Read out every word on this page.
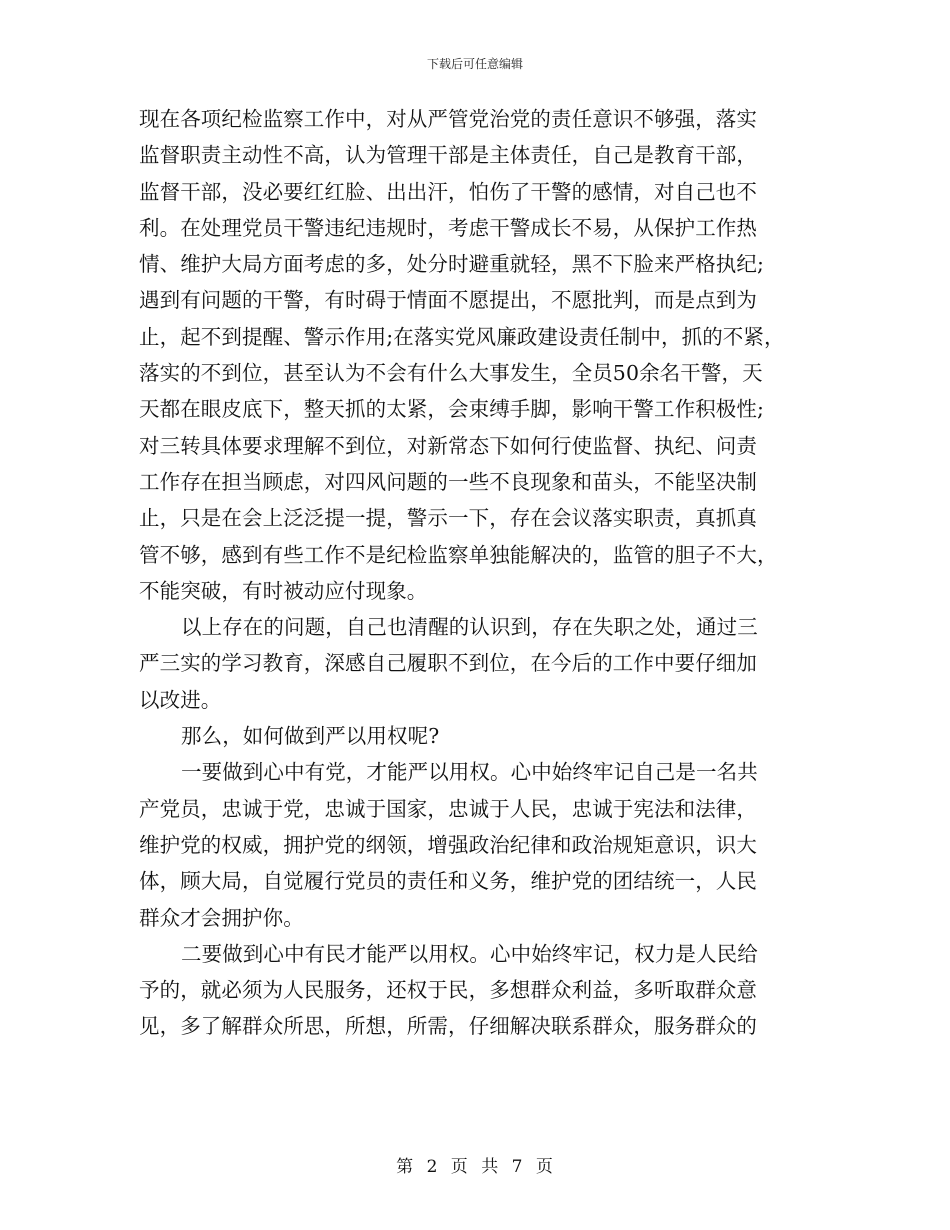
下载后可任意编辑
现在各项纪检监察工作中，对从严管党治党的责任意识不够强，落实
监督职责主动性不高，认为管理干部是主体责任，自己是教育干部，
监督干部，没必要红红脸、出出汗，怕伤了干警的感情，对自己也不
利。在处理党员干警违纪违规时，考虑干警成长不易，从保护工作热
情、维护大局方面考虑的多，处分时避重就轻，黑不下脸来严格执纪;
遇到有问题的干警，有时碍于情面不愿提出，不愿批判，而是点到为
止，起不到提醒、警示作用;在落实党风廉政建设责任制中，抓的不紧，
落实的不到位，甚至认为不会有什么大事发生，全员50余名干警，天
天都在眼皮底下，整天抓的太紧，会束缚手脚，影响干警工作积极性;
对三转具体要求理解不到位，对新常态下如何行使监督、执纪、问责
工作存在担当顾虑，对四风问题的一些不良现象和苗头，不能坚决制
止，只是在会上泛泛提一提，警示一下，存在会议落实职责，真抓真
管不够，感到有些工作不是纪检监察单独能解决的，监管的胆子不大，
不能突破，有时被动应付现象。
以上存在的问题，自己也清醒的认识到，存在失职之处，通过三
严三实的学习教育，深感自己履职不到位，在今后的工作中要仔细加
以改进。
那么，如何做到严以用权呢?
一要做到心中有党，才能严以用权。心中始终牢记自己是一名共
产党员，忠诚于党，忠诚于国家，忠诚于人民，忠诚于宪法和法律，
维护党的权威，拥护党的纲领，增强政治纪律和政治规矩意识，识大
体，顾大局，自觉履行党员的责任和义务，维护党的团结统一，人民
群众才会拥护你。
二要做到心中有民才能严以用权。心中始终牢记，权力是人民给
予的，就必须为人民服务，还权于民，多想群众利益，多听取群众意
见，多了解群众所思，所想，所需，仔细解决联系群众，服务群众的
第 2 页 共 7 页
